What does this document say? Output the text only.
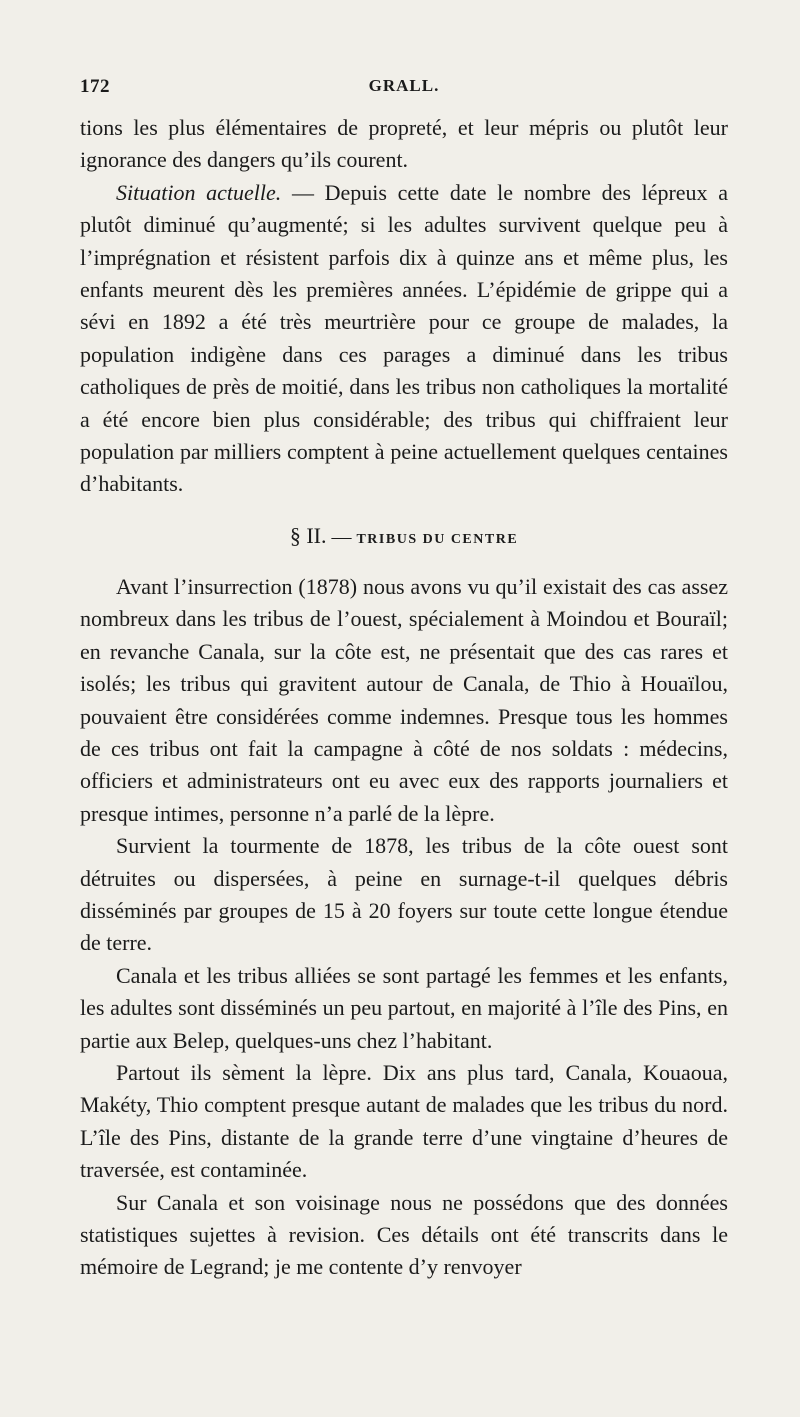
172	GRALL.

tions les plus élémentaires de propreté, et leur mépris ou plutôt leur ignorance des dangers qu’ils courent.

Situation actuelle. — Depuis cette date le nombre des lépreux a plutôt diminué qu’augmenté; si les adultes survivent quelque peu à l’imprégnation et résistent parfois dix à quinze ans et même plus, les enfants meurent dès les premières années. L’épidémie de grippe qui a sévi en 1892 a été très meurtrière pour ce groupe de malades, la population indigène dans ces parages a diminué dans les tribus catholiques de près de moitié, dans les tribus non catholiques la mortalité a été encore bien plus considérable; des tribus qui chiffraient leur population par milliers comptent à peine actuellement quelques centaines d’habitants.

§ II. — TRIBUS DU CENTRE

Avant l’insurrection (1878) nous avons vu qu’il existait des cas assez nombreux dans les tribus de l’ouest, spécialement à Moindou et Bouraïl; en revanche Canala, sur la côte est, ne présentait que des cas rares et isolés; les tribus qui gravitent autour de Canala, de Thio à Houaïlou, pouvaient être considérées comme indemnes. Presque tous les hommes de ces tribus ont fait la campagne à côté de nos soldats : médecins, officiers et administrateurs ont eu avec eux des rapports journaliers et presque intimes, personne n’a parlé de la lèpre.

Survient la tourmente de 1878, les tribus de la côte ouest sont détruites ou dispersées, à peine en surnage-t-il quelques débris disséminés par groupes de 15 à 20 foyers sur toute cette longue étendue de terre.

Canala et les tribus alliées se sont partagé les femmes et les enfants, les adultes sont disséminés un peu partout, en majorité à l’île des Pins, en partie aux Belep, quelques-uns chez l’habitant.

Partout ils sèment la lèpre. Dix ans plus tard, Canala, Kouaoua, Makéty, Thio comptent presque autant de malades que les tribus du nord. L’île des Pins, distante de la grande terre d’une vingtaine d’heures de traversée, est contaminée.

Sur Canala et son voisinage nous ne possédons que des données statistiques sujettes à revision. Ces détails ont été transcrits dans le mémoire de Legrand; je me contente d’y renvoyer
